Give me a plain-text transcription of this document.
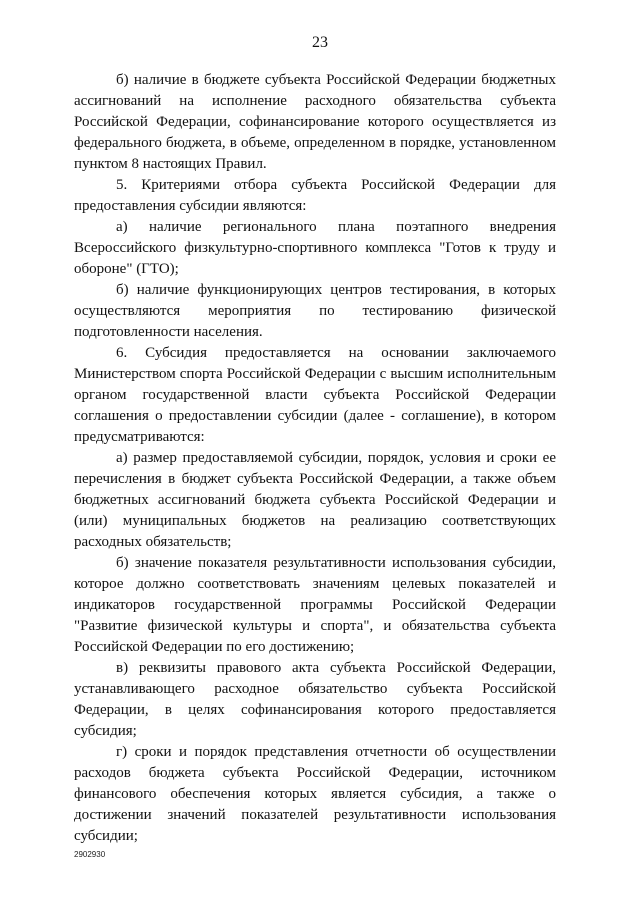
23

б) наличие в бюджете субъекта Российской Федерации бюджетных ассигнований на исполнение расходного обязательства субъекта Российской Федерации, софинансирование которого осуществляется из федерального бюджета, в объеме, определенном в порядке, установленном пунктом 8 настоящих Правил.

5. Критериями отбора субъекта Российской Федерации для предоставления субсидии являются:

а) наличие регионального плана поэтапного внедрения Всероссийского физкультурно-спортивного комплекса "Готов к труду и обороне" (ГТО);

б) наличие функционирующих центров тестирования, в которых осуществляются мероприятия по тестированию физической подготовленности населения.

6. Субсидия предоставляется на основании заключаемого Министерством спорта Российской Федерации с высшим исполнительным органом государственной власти субъекта Российской Федерации соглашения о предоставлении субсидии (далее - соглашение), в котором предусматриваются:

а) размер предоставляемой субсидии, порядок, условия и сроки ее перечисления в бюджет субъекта Российской Федерации, а также объем бюджетных ассигнований бюджета субъекта Российской Федерации и (или) муниципальных бюджетов на реализацию соответствующих расходных обязательств;

б) значение показателя результативности использования субсидии, которое должно соответствовать значениям целевых показателей и индикаторов государственной программы Российской Федерации "Развитие физической культуры и спорта", и обязательства субъекта Российской Федерации по его достижению;

в) реквизиты правового акта субъекта Российской Федерации, устанавливающего расходное обязательство субъекта Российской Федерации, в целях софинансирования которого предоставляется субсидия;

г) сроки и порядок представления отчетности об осуществлении расходов бюджета субъекта Российской Федерации, источником финансового обеспечения которых является субсидия, а также о достижении значений показателей результативности использования субсидии;

2902930
